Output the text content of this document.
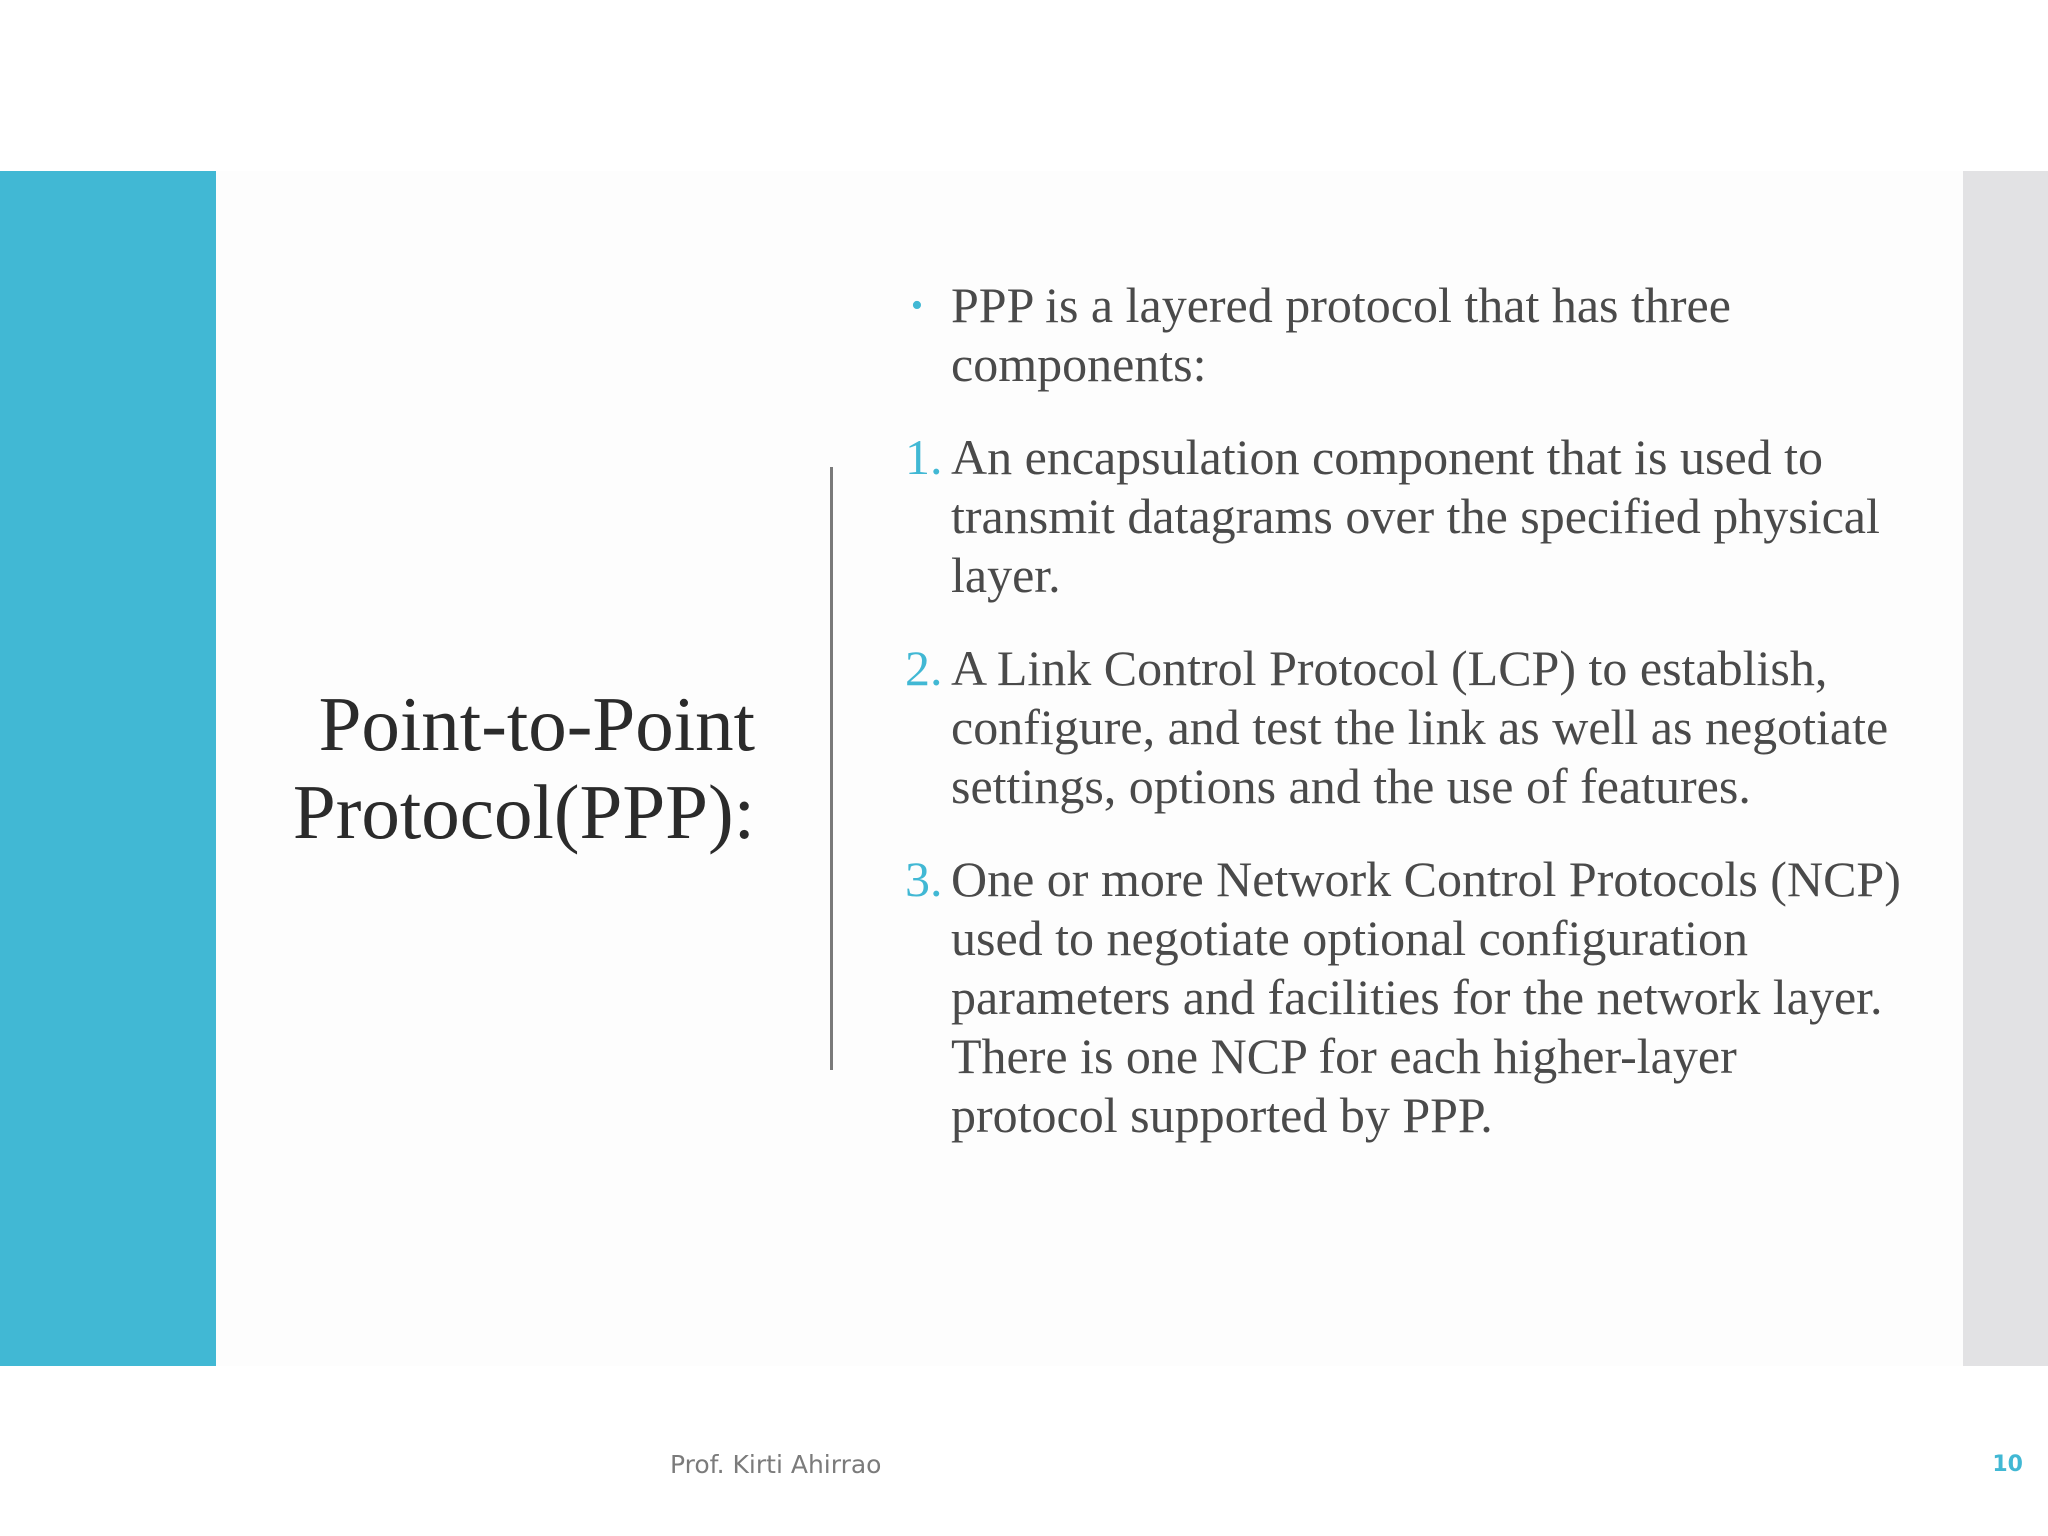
Point-to-Point
Protocol(PPP):
• PPP is a layered protocol that has three components:
1. An encapsulation component that is used to transmit datagrams over the specified physical layer.
2. A Link Control Protocol (LCP) to establish, configure, and test the link as well as negotiate settings, options and the use of features.
3. One or more Network Control Protocols (NCP) used to negotiate optional configuration parameters and facilities for the network layer. There is one NCP for each higher-layer protocol supported by PPP.
Prof. Kirti Ahirrao	10
